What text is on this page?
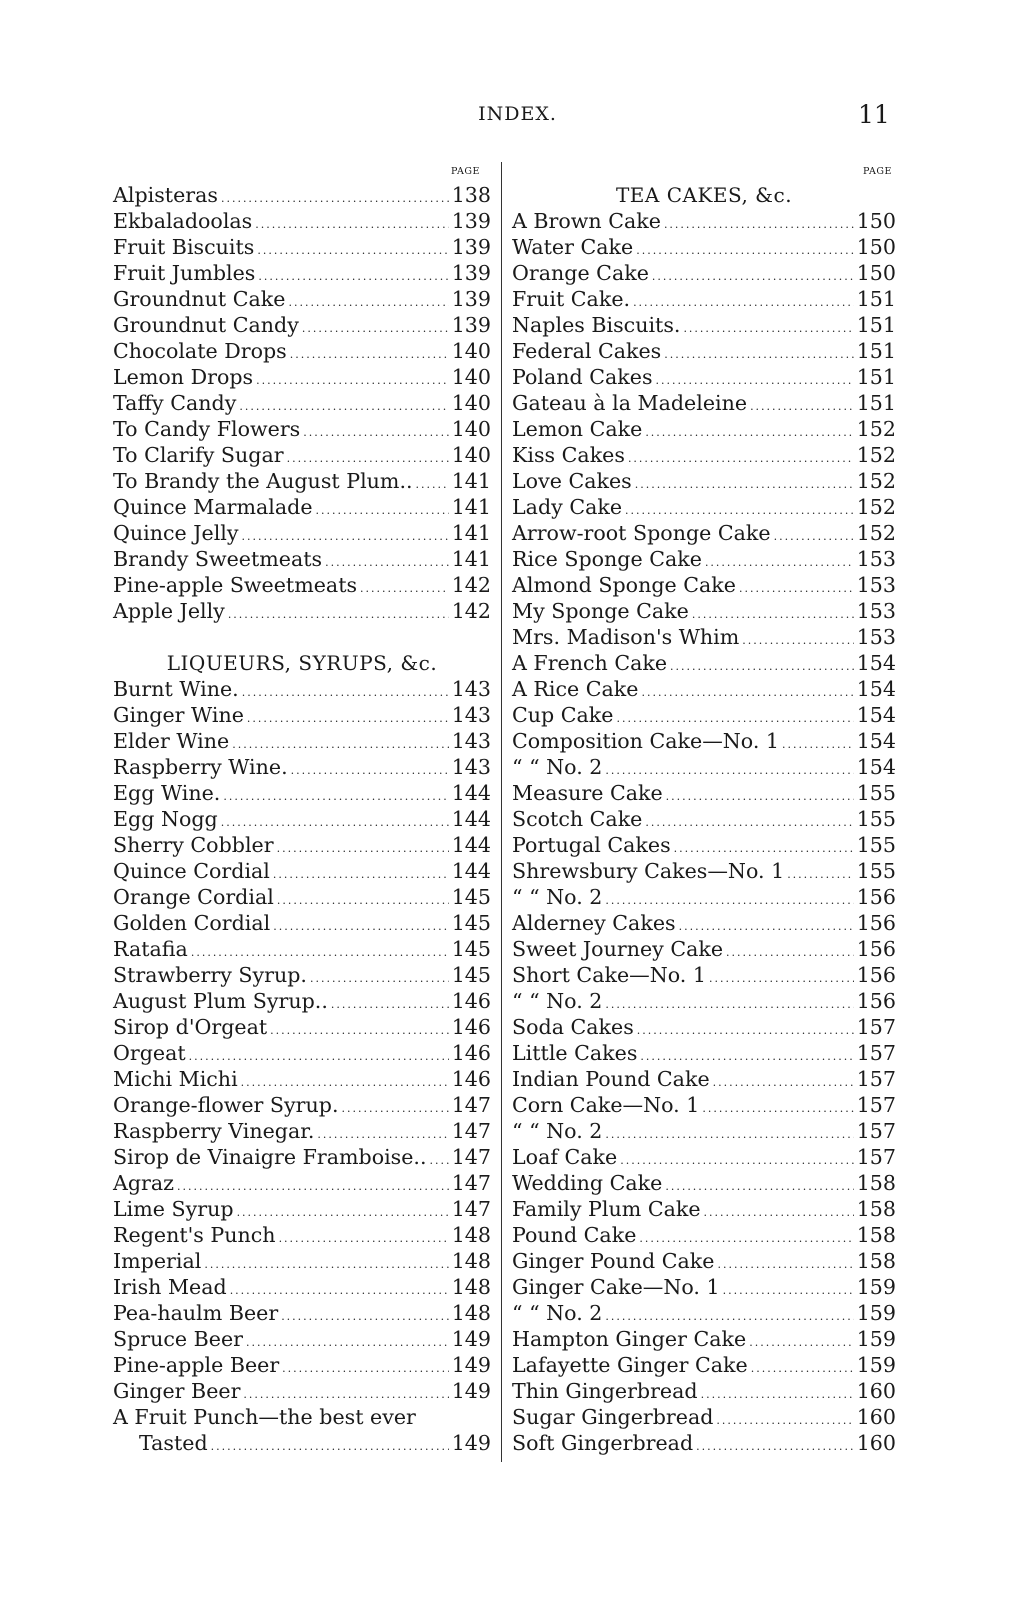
INDEX.	11
PAGE	PAGE
Alpisteras .....	138
Ekbaladoolas .....	139
Fruit Biscuits .....	139
Fruit Jumbles .....	139
Groundnut Cake .....	139
Groundnut Candy .....	139
Chocolate Drops .....	140
Lemon Drops .....	140
Taffy Candy .....	140
To Candy Flowers .....	140
To Clarify Sugar .....	140
To Brandy the August Plum.. ..... 141
Quince Marmalade .....	141
Quince Jelly .....	141
Brandy Sweetmeats .....	141
Pine-apple Sweetmeats .....	142
Apple Jelly .....	142
LIQUEURS, SYRUPS, &c.
Burnt Wine. .....	143
Ginger Wine .....	143
Elder Wine .....	143
Raspberry Wine. .....	143
Egg Wine. .....	144
Egg Nogg .....	144
Sherry Cobbler .....	144
Quince Cordial .....	144
Orange Cordial .....	145
Golden Cordial .....	145
Ratafia .....	145
Strawberry Syrup. .....	145
August Plum Syrup.. .....	146
Sirop d'Orgeat .....	146
Orgeat .....	146
Michi Michi .....	146
Orange-flower Syrup. .....	147
Raspberry Vinegar. .....	147
Sirop de Vinaigre Framboise.. ..... 147
Agraz .....	147
Lime Syrup .....	147
Regent's Punch .....	148
Imperial .....	148
Irish Mead .....	148
Pea-haulm Beer .....	148
Spruce Beer .....	149
Pine-apple Beer .....	149
Ginger Beer .....	149
A Fruit Punch—the best ever
Tasted .....	149
TEA CAKES, &c.
A Brown Cake .....	150
Water Cake .....	150
Orange Cake .....	150
Fruit Cake. .....	151
Naples Biscuits. .....	151
Federal Cakes .....	151
Poland Cakes .....	151
Gateau à la Madeleine .....	151
Lemon Cake .....	152
Kiss Cakes .....	152
Love Cakes .....	152
Lady Cake .....	152
Arrow-root Sponge Cake .....	152
Rice Sponge Cake .....	153
Almond Sponge Cake .....	153
My Sponge Cake .....	153
Mrs. Madison's Whim .....	153
A French Cake .....	154
A Rice Cake .....	154
Cup Cake .....	154
Composition Cake—No. 1 .....	154
“ “ No. 2 .....	154
Measure Cake .....	155
Scotch Cake .....	155
Portugal Cakes .....	155
Shrewsbury Cakes—No. 1 .....	155
“ “ No. 2 .....	156
Alderney Cakes .....	156
Sweet Journey Cake .....	156
Short Cake—No. 1 .....	156
“ “ No. 2 .....	156
Soda Cakes .....	157
Little Cakes .....	157
Indian Pound Cake .....	157
Corn Cake—No. 1 .....	157
“ “ No. 2 .....	157
Loaf Cake .....	157
Wedding Cake .....	158
Family Plum Cake .....	158
Pound Cake .....	158
Ginger Pound Cake .....	158
Ginger Cake—No. 1 .....	159
“ “ No. 2 .....	159
Hampton Ginger Cake .....	159
Lafayette Ginger Cake .....	159
Thin Gingerbread .....	160
Sugar Gingerbread .....	160
Soft Gingerbread .....	160
